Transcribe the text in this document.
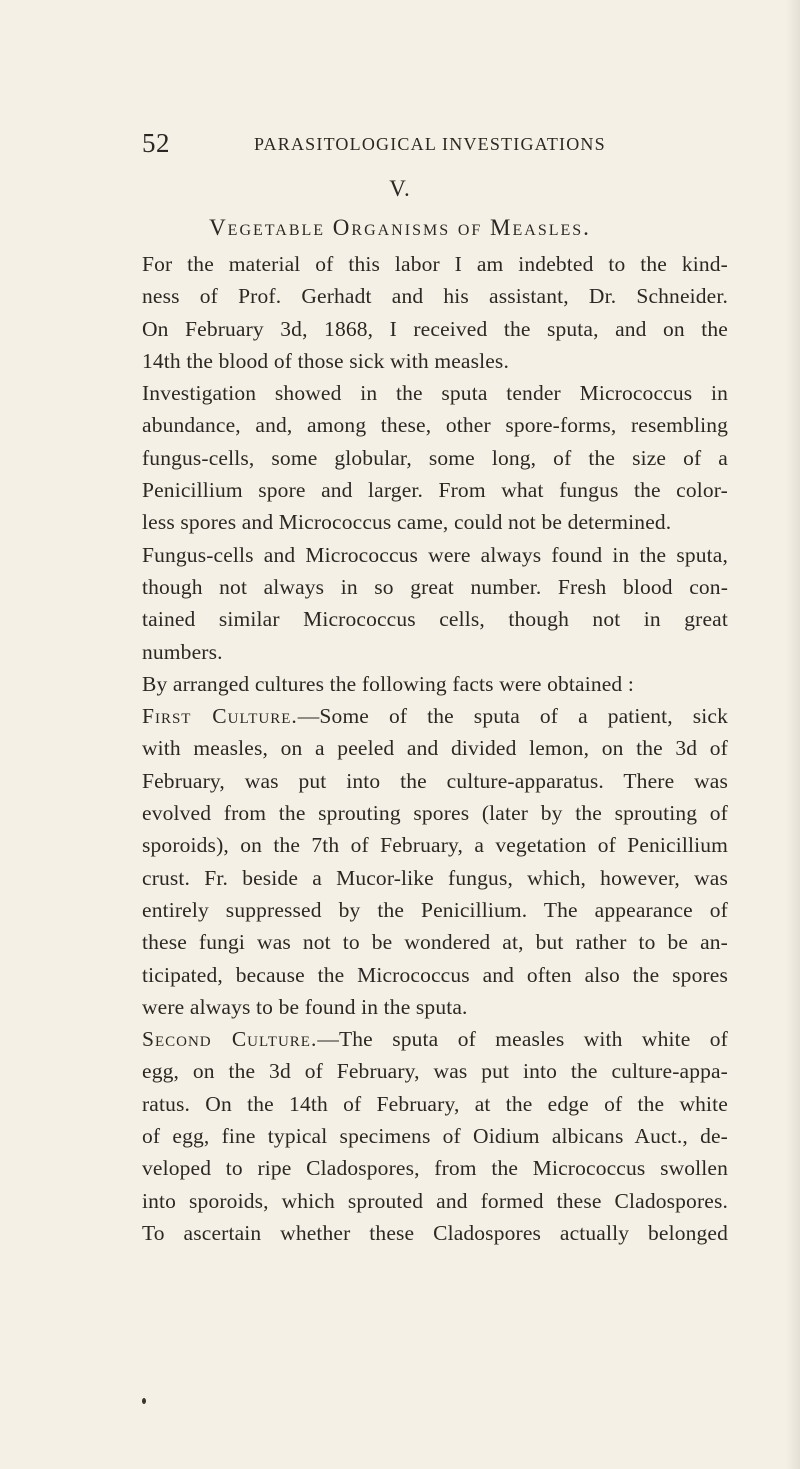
52	PARASITOLOGICAL INVESTIGATIONS
V.
Vegetable Organisms of Measles.
For the material of this labor I am indebted to the kind-
ness of Prof. Gerhadt and his assistant, Dr. Schneider.
On February 3d, 1868, I received the sputa, and on the
14th the blood of those sick with measles.
Investigation showed in the sputa tender Micrococcus in
abundance, and, among these, other spore-forms, resembling
fungus-cells, some globular, some long, of the size of a
Penicillium spore and larger. From what fungus the color-
less spores and Micrococcus came, could not be determined.
Fungus-cells and Micrococcus were always found in the sputa,
though not always in so great number. Fresh blood con-
tained similar Micrococcus cells, though not in great
numbers.
By arranged cultures the following facts were obtained :
First Culture.—Some of the sputa of a patient, sick
with measles, on a peeled and divided lemon, on the 3d of
February, was put into the culture-apparatus. There was
evolved from the sprouting spores (later by the sprouting of
sporoids), on the 7th of February, a vegetation of Penicillium
crust. Fr. beside a Mucor-like fungus, which, however, was
entirely suppressed by the Penicillium. The appearance of
these fungi was not to be wondered at, but rather to be an-
ticipated, because the Micrococcus and often also the spores
were always to be found in the sputa.
Second Culture.—The sputa of measles with white of
egg, on the 3d of February, was put into the culture-appa-
ratus. On the 14th of February, at the edge of the white
of egg, fine typical specimens of Oidium albicans Auct., de-
veloped to ripe Cladospores, from the Micrococcus swollen
into sporoids, which sprouted and formed these Cladospores.
To ascertain whether these Cladospores actually belonged
